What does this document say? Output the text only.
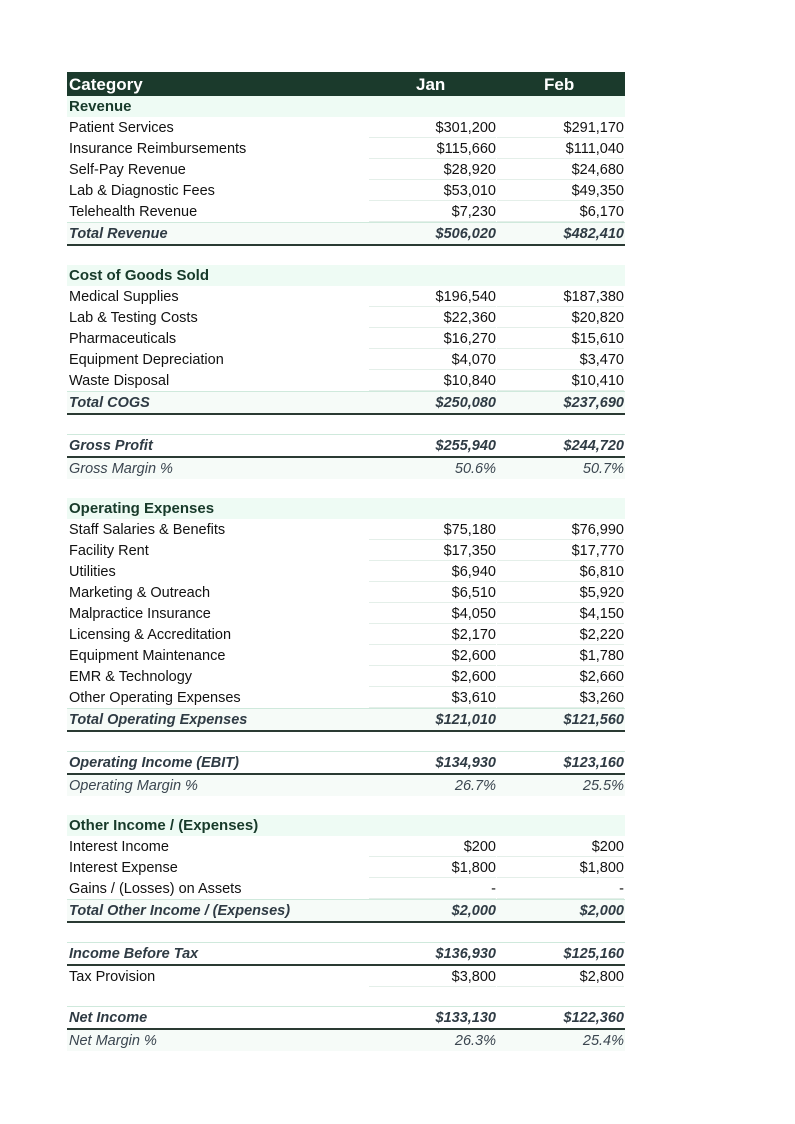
Category	Jan	Feb
Revenue
Patient Services	$301,200	$291,170
Insurance Reimbursements	$115,660	$111,040
Self-Pay Revenue	$28,920	$24,680
Lab & Diagnostic Fees	$53,010	$49,350
Telehealth Revenue	$7,230	$6,170
Total Revenue	$506,020	$482,410
Cost of Goods Sold
Medical Supplies	$196,540	$187,380
Lab & Testing Costs	$22,360	$20,820
Pharmaceuticals	$16,270	$15,610
Equipment Depreciation	$4,070	$3,470
Waste Disposal	$10,840	$10,410
Total COGS	$250,080	$237,690
Gross Profit	$255,940	$244,720
Gross Margin %	50.6%	50.7%
Operating Expenses
Staff Salaries & Benefits	$75,180	$76,990
Facility Rent	$17,350	$17,770
Utilities	$6,940	$6,810
Marketing & Outreach	$6,510	$5,920
Malpractice Insurance	$4,050	$4,150
Licensing & Accreditation	$2,170	$2,220
Equipment Maintenance	$2,600	$1,780
EMR & Technology	$2,600	$2,660
Other Operating Expenses	$3,610	$3,260
Total Operating Expenses	$121,010	$121,560
Operating Income (EBIT)	$134,930	$123,160
Operating Margin %	26.7%	25.5%
Other Income / (Expenses)
Interest Income	$200	$200
Interest Expense	$1,800	$1,800
Gains / (Losses) on Assets	-	-
Total Other Income / (Expenses)	$2,000	$2,000
Income Before Tax	$136,930	$125,160
Tax Provision	$3,800	$2,800
Net Income	$133,130	$122,360
Net Margin %	26.3%	25.4%
